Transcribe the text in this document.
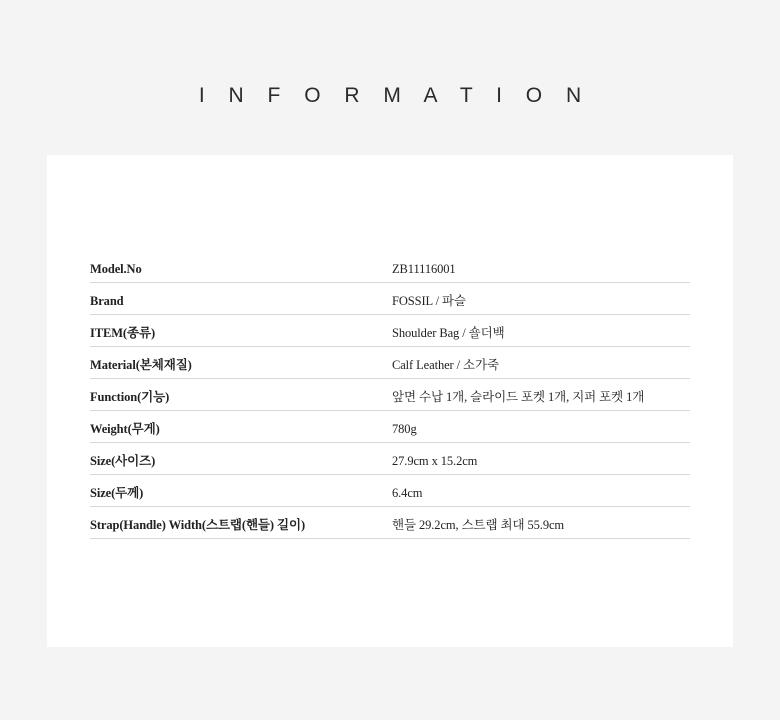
I N F O R M A T I O N
Model.No	ZB11116001
Brand	FOSSIL / 파슬
ITEM(종류)	Shoulder Bag / 숄더백
Material(본체재질)	Calf Leather / 소가죽
Function(기능)	앞면 수납 1개, 슬라이드 포켓 1개, 지퍼 포켓 1개
Weight(무게)	780g
Size(사이즈)	27.9cm x 15.2cm
Size(두께)	6.4cm
Strap(Handle) Width(스트랩(핸들) 길이)	핸들 29.2cm, 스트랩 최대 55.9cm
